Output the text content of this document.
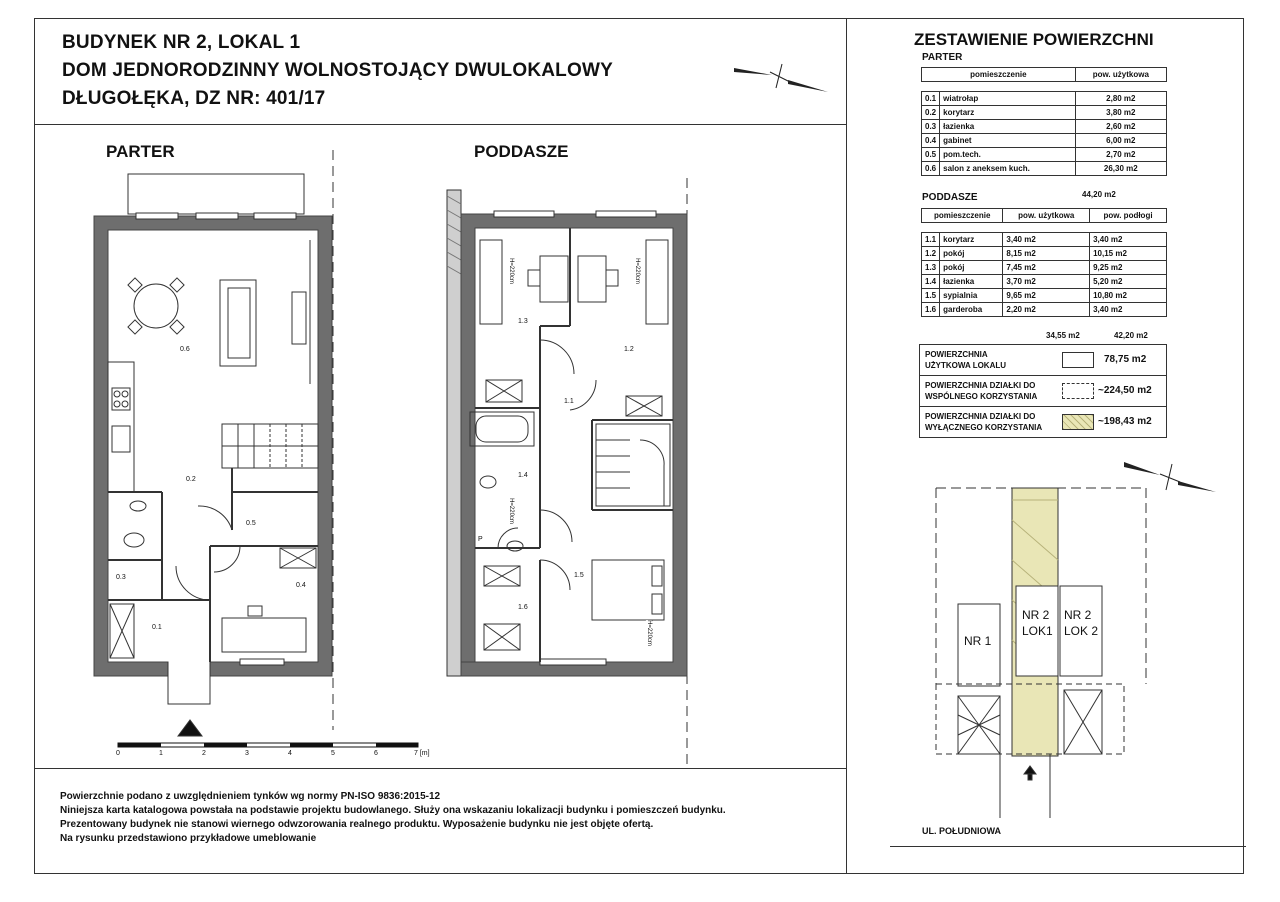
BUDYNEK NR 2, LOKAL 1
DOM JEDNORODZINNY WOLNOSTOJĄCY DWULOKALOWY
DŁUGOŁĘKA, DZ NR: 401/17
PARTER	PODDASZE
0.6
0.2
0.5
0.4
0.3
0.1
1.3
1.2
1.1
1.4
1.5
1.6
P
H=220cm	H=220cm
H=220cm
H=220cm
0	1	2	3	4	5	6	7 [m]
ZESTAWIENIE POWIERZCHNI
PARTER
pomieszczenie		pow. użytkowa

0.1	wiatrołap	2,80 m2
0.2	korytarz	3,80 m2
0.3	łazienka	2,60 m2
0.4	gabinet	6,00 m2
0.5	pom.tech.	2,70 m2
0.6	salon z aneksem kuch.	26,30 m2
44,20 m2
PODDASZE
pomieszczenie		pow. użytkowa	pow. podłogi

1.1	korytarz	3,40 m2	3,40 m2
1.2	pokój	8,15 m2	10,15 m2
1.3	pokój	7,45 m2	9,25 m2
1.4	łazienka	3,70 m2	5,20 m2
1.5	sypialnia	9,65 m2	10,80 m2
1.6	garderoba	2,20 m2	3,40 m2
34,55 m2	42,20 m2
POWIERZCHNIA
UŻYTKOWA LOKALU
78,75 m2
POWIERZCHNIA DZIAŁKI DO
WSPÓLNEGO KORZYSTANIA
~224,50 m2
POWIERZCHNIA DZIAŁKI DO
WYŁĄCZNEGO KORZYSTANIA
~198,43 m2
NR 1
NR 2
LOK1
NR 2
LOK 2
UL. POŁUDNIOWA
Powierzchnie podano z uwzględnieniem tynków wg normy PN-ISO 9836:2015-12
Niniejsza karta katalogowa powstała na podstawie projektu budowlanego. Służy ona wskazaniu lokalizacji budynku i pomieszczeń budynku.
Prezentowany budynek nie stanowi wiernego odwzorowania realnego produktu. Wyposażenie budynku nie jest objęte ofertą.
Na rysunku przedstawiono przykładowe umeblowanie
